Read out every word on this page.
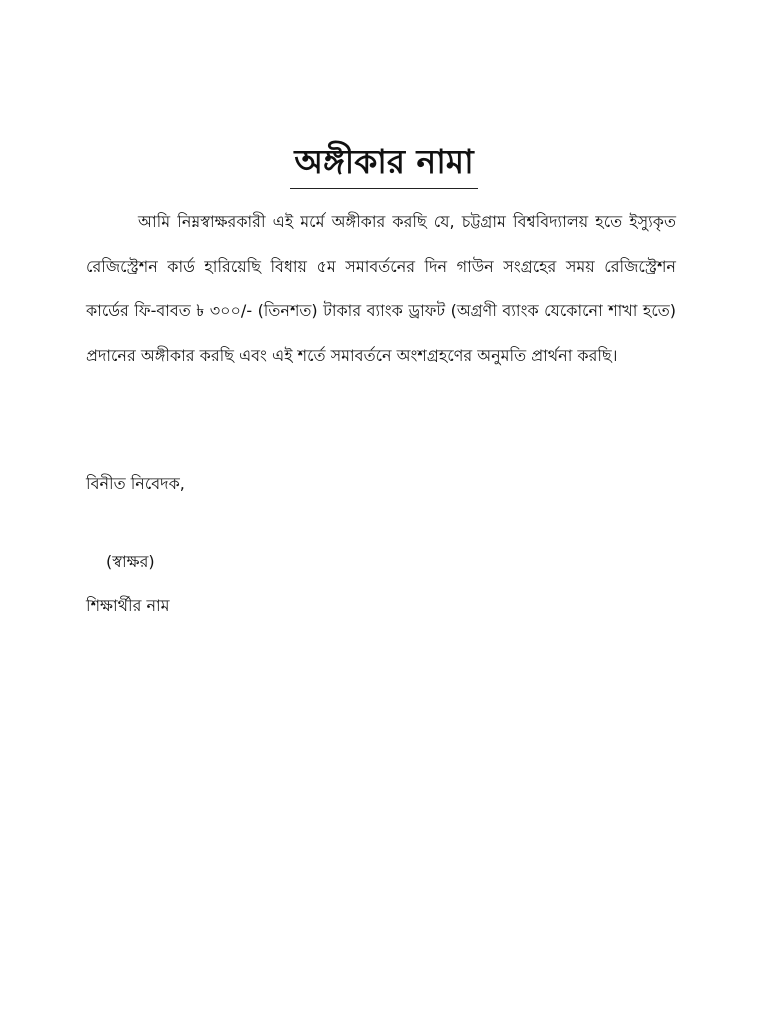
অঙ্গীকার নামা

আমি নিম্নস্বাক্ষরকারী এই মর্মে অঙ্গীকার করছি যে, চট্টগ্রাম বিশ্ববিদ্যালয় হতে ইস্যুকৃত রেজিস্ট্রেশন কার্ড হারিয়েছি বিধায় ৫ম সমাবর্তনের দিন গাউন সংগ্রহের সময় রেজিস্ট্রেশন কার্ডের ফি-বাবত ৳ ৩০০/- (তিনশত) টাকার ব্যাংক ড্রাফট (অগ্রণী ব্যাংক যেকোনো শাখা হতে) প্রদানের অঙ্গীকার করছি এবং এই শর্তে সমাবর্তনে অংশগ্রহণের অনুমতি প্রার্থনা করছি।

বিনীত নিবেদক,

(স্বাক্ষর)

শিক্ষার্থীর নাম
